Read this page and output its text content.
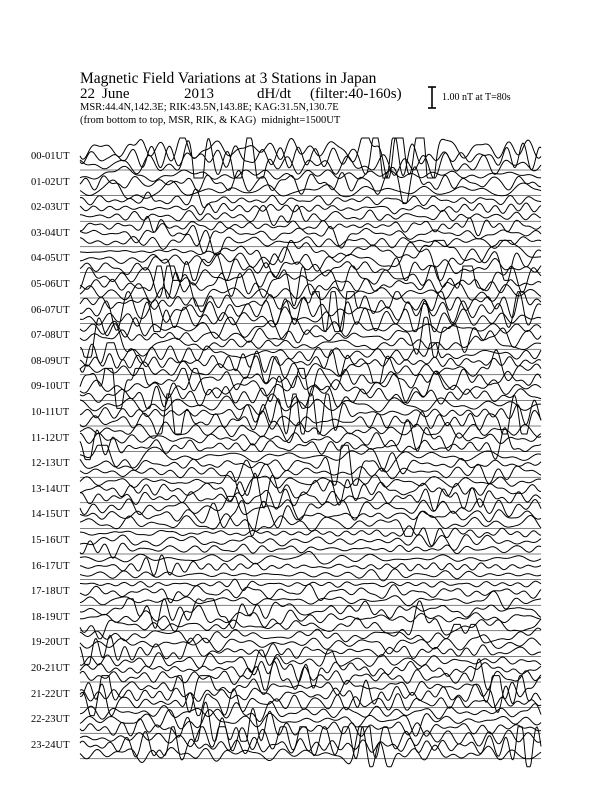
Magnetic Field Variations at 3 Stations in Japan
22 June	2013	dH/dt (filter:40-160s)
MSR:44.4N,142.3E; RIK:43.5N,143.8E; KAG:31.5N,130.7E
(from bottom to top, MSR, RIK, & KAG) midnight=1500UT
1.00 nT at T=80s
00-01UT
01-02UT
02-03UT
03-04UT
04-05UT
05-06UT
06-07UT
07-08UT
08-09UT
09-10UT
10-11UT
11-12UT
12-13UT
13-14UT
14-15UT
15-16UT
16-17UT
17-18UT
18-19UT
19-20UT
20-21UT
21-22UT
22-23UT
23-24UT
